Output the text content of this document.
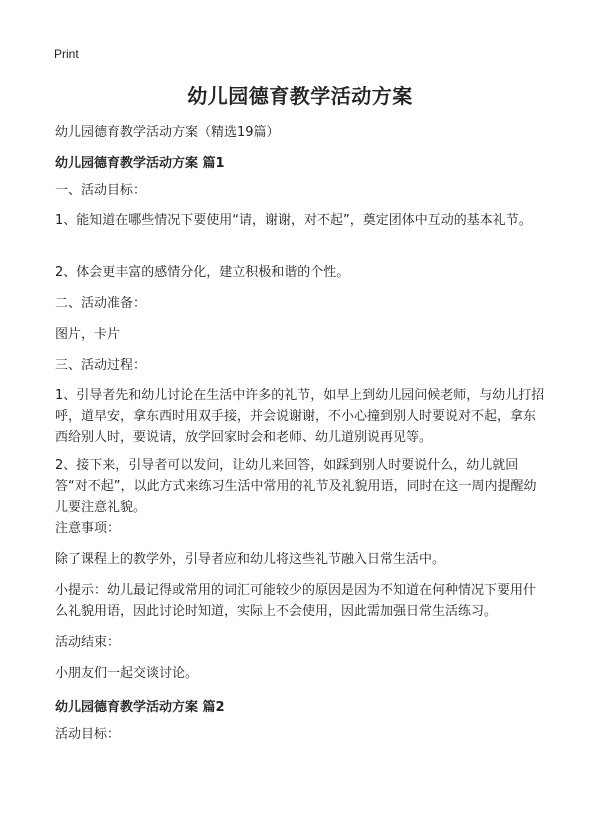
Print
幼儿园德育教学活动方案
幼儿园德育教学活动方案（精选19篇）
幼儿园德育教学活动方案 篇1

一、活动目标：

1、能知道在哪些情况下要使用“请，谢谢，对不起”，奠定团体中互动的基本礼节。

2、体会更丰富的感情分化，建立积极和谐的个性。

二、活动准备：

图片，卡片

三、活动过程：

1、引导者先和幼儿讨论在生活中许多的礼节，如早上到幼儿园问候老师，与幼儿打招呼，道早安，拿东西时用双手接，并会说谢谢，不小心撞到别人时要说对不起，拿东西给别人时，要说请，放学回家时会和老师、幼儿道别说再见等。

2、接下来，引导者可以发问，让幼儿来回答，如踩到别人时要说什么，幼儿就回答“对不起”，以此方式来练习生活中常用的礼节及礼貌用语，同时在这一周内提醒幼儿要注意礼貌。

注意事项：

除了课程上的教学外，引导者应和幼儿将这些礼节融入日常生活中。

小提示：幼儿最记得或常用的词汇可能较少的原因是因为不知道在何种情况下要用什么礼貌用语，因此讨论时知道，实际上不会使用，因此需加强日常生活练习。

活动结束：

小朋友们一起交谈讨论。

幼儿园德育教学活动方案 篇2

活动目标：
